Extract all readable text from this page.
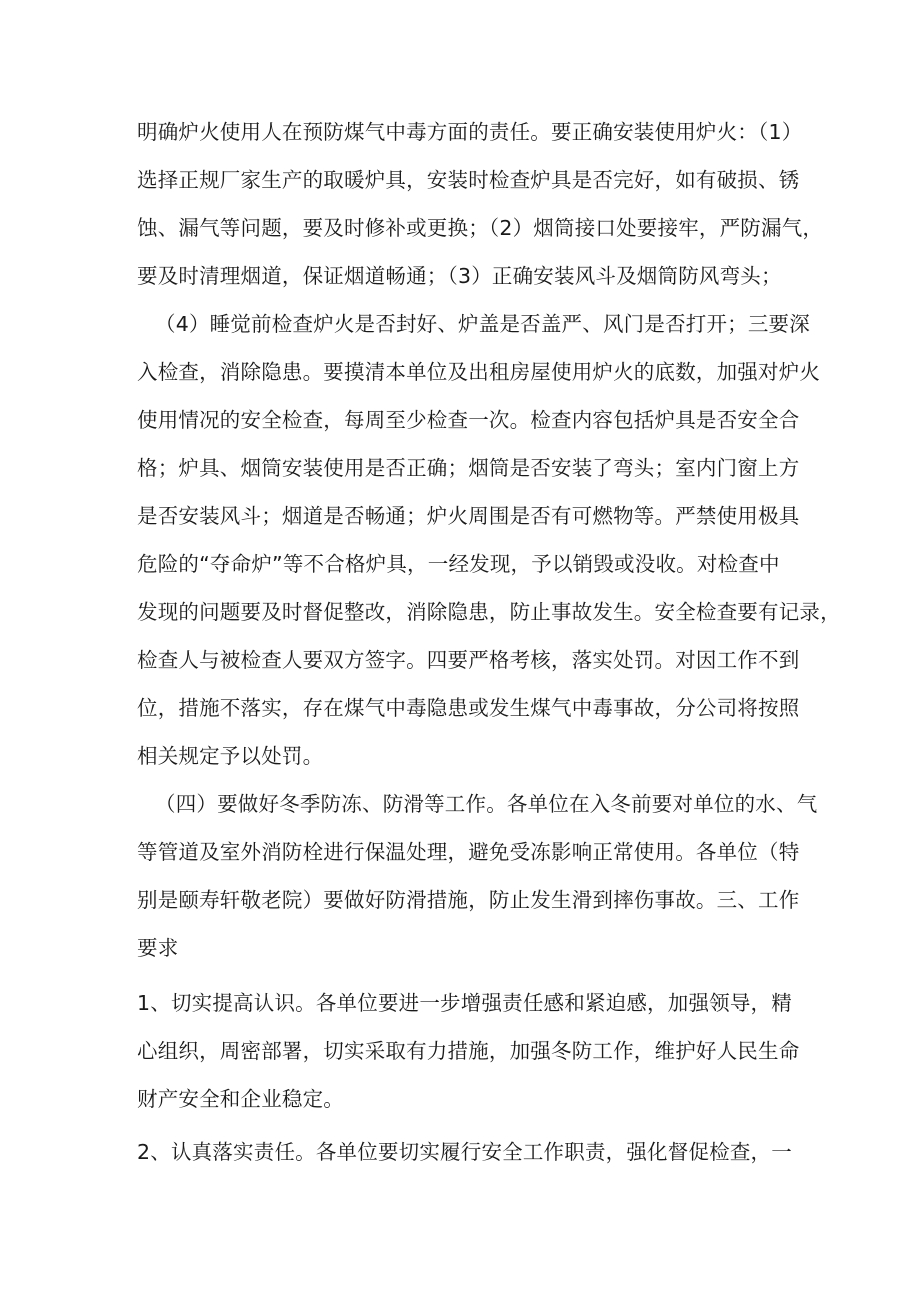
明确炉火使用人在预防煤气中毒方面的责任。要正确安装使用炉火：（1）
选择正规厂家生产的取暖炉具，安装时检查炉具是否完好，如有破损、锈
蚀、漏气等问题，要及时修补或更换；（2）烟筒接口处要接牢，严防漏气，
要及时清理烟道，保证烟道畅通；（3）正确安装风斗及烟筒防风弯头；
（4）睡觉前检查炉火是否封好、炉盖是否盖严、风门是否打开；三要深
入检查，消除隐患。要摸清本单位及出租房屋使用炉火的底数，加强对炉火
使用情况的安全检查，每周至少检查一次。检查内容包括炉具是否安全合
格；炉具、烟筒安装使用是否正确；烟筒是否安装了弯头；室内门窗上方
是否安装风斗；烟道是否畅通；炉火周围是否有可燃物等。严禁使用极具
危险的“夺命炉”等不合格炉具，一经发现，予以销毁或没收。对检查中
发现的问题要及时督促整改，消除隐患，防止事故发生。安全检查要有记录，
检查人与被检查人要双方签字。四要严格考核，落实处罚。对因工作不到
位，措施不落实，存在煤气中毒隐患或发生煤气中毒事故，分公司将按照
相关规定予以处罚。
（四）要做好冬季防冻、防滑等工作。各单位在入冬前要对单位的水、气
等管道及室外消防栓进行保温处理，避免受冻影响正常使用。各单位（特
别是颐寿轩敬老院）要做好防滑措施，防止发生滑到摔伤事故。三、工作
要求
1、切实提高认识。各单位要进一步增强责任感和紧迫感，加强领导，精
心组织，周密部署，切实采取有力措施，加强冬防工作，维护好人民生命
财产安全和企业稳定。
2、认真落实责任。各单位要切实履行安全工作职责，强化督促检查，一
